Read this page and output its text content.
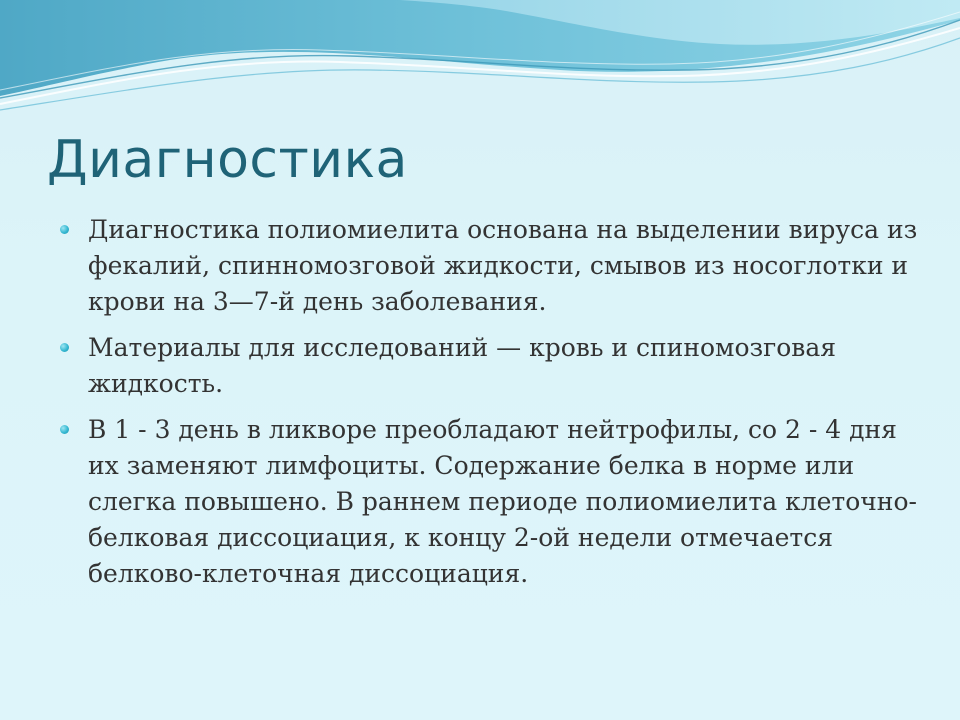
Диагностика
Диагностика полиомиелита основана на выделении вируса из фекалий, спинномозговой жидкости, смывов из носоглотки и крови на 3—7-й день заболевания.
Материалы для исследований — кровь и спиномозговая жидкость.
В 1 - 3 день в ликворе преобладают нейтрофилы, со 2 - 4 дня их заменяют лимфоциты. Содержание белка в норме или слегка повышено. В раннем периоде полиомиелита клеточно-белковая диссоциация, к концу 2-ой недели отмечается белково-клеточная диссоциация.
